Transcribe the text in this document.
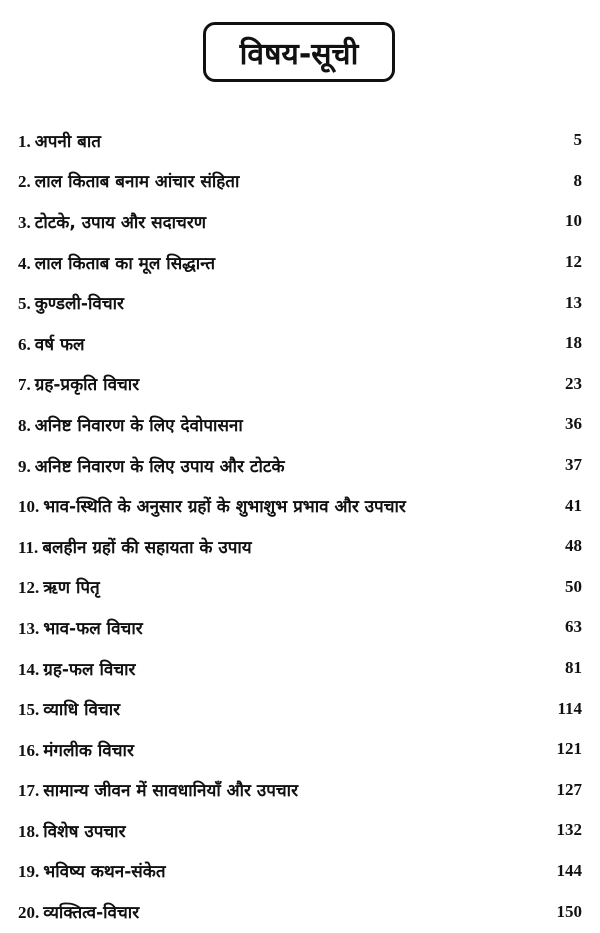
विषय-सूची
1. अपनी बात	5
2. लाल किताब बनाम आंचार संहिता	8
3. टोटके, उपाय और सदाचरण	10
4. लाल किताब का मूल सिद्धान्त	12
5. कुण्डली-विचार	13
6. वर्ष फल	18
7. ग्रह-प्रकृति विचार	23
8. अनिष्ट निवारण के लिए देवोपासना	36
9. अनिष्ट निवारण के लिए उपाय और टोटके	37
10. भाव-स्थिति के अनुसार ग्रहों के शुभाशुभ प्रभाव और उपचार	41
11. बलहीन ग्रहों की सहायता के उपाय	48
12. ऋण पितृ	50
13. भाव-फल विचार	63
14. ग्रह-फल विचार	81
15. व्याधि विचार	114
16. मंगलीक विचार	121
17. सामान्य जीवन में सावधानियाँ और उपचार	127
18. विशेष उपचार	132
19. भविष्य कथन-संकेत	144
20. व्यक्तित्व-विचार	150
